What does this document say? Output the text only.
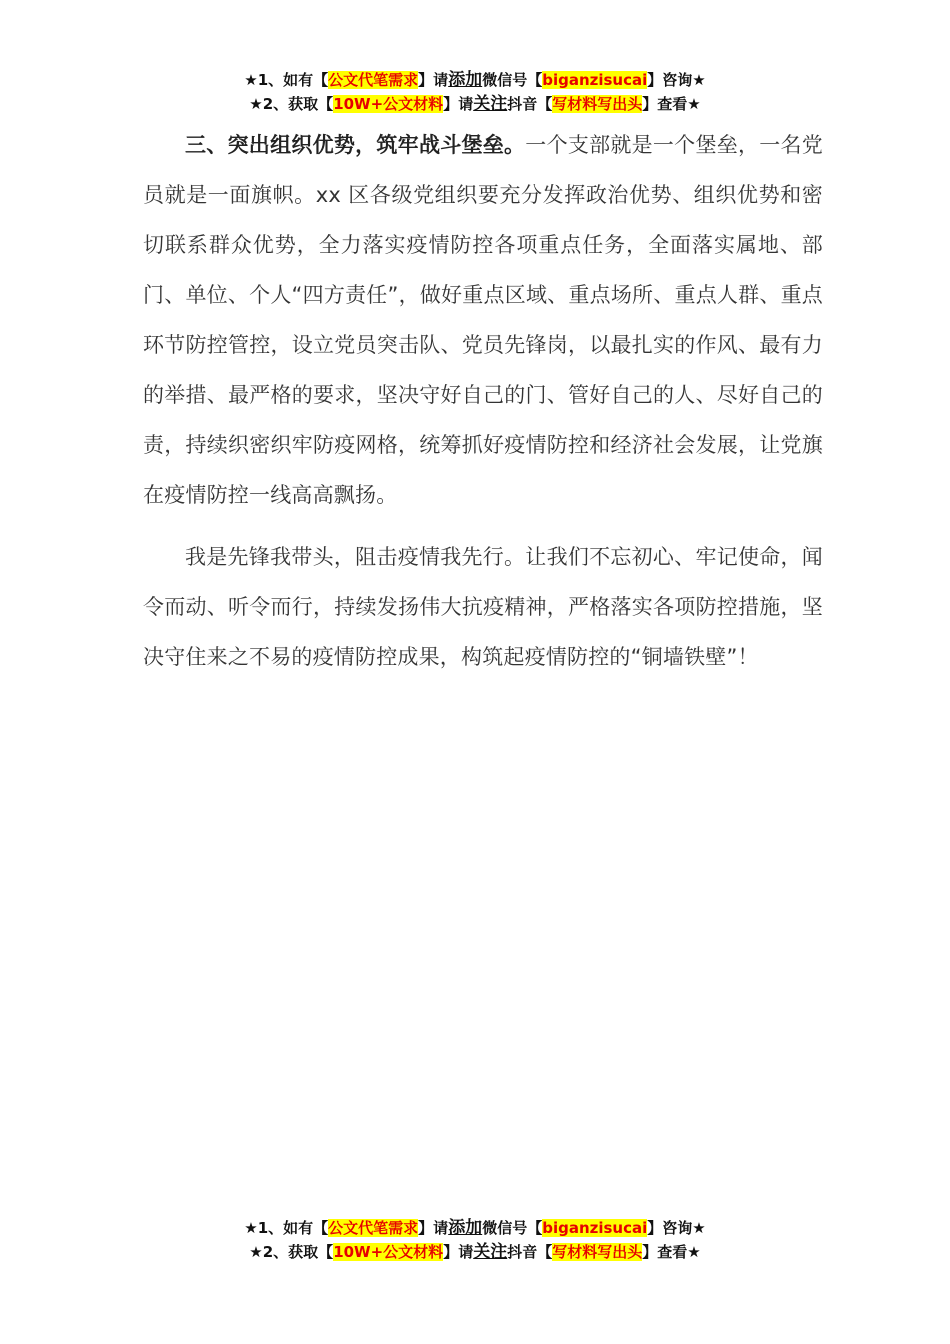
★1、如有【公文代笔需求】请添加微信号【biganzisucai】咨询★
★2、获取【10W+公文材料】请关注抖音【写材料写出头】查看★

三、突出组织优势，筑牢战斗堡垒。一个支部就是一个堡垒，一名党员就是一面旗帜。xx 区各级党组织要充分发挥政治优势、组织优势和密切联系群众优势，全力落实疫情防控各项重点任务，全面落实属地、部门、单位、个人“四方责任”，做好重点区域、重点场所、重点人群、重点环节防控管控，设立党员突击队、党员先锋岗，以最扎实的作风、最有力的举措、最严格的要求，坚决守好自己的门、管好自己的人、尽好自己的责，持续织密织牢防疫网格，统筹抓好疫情防控和经济社会发展，让党旗在疫情防控一线高高飘扬。

我是先锋我带头，阻击疫情我先行。让我们不忘初心、牢记使命，闻令而动、听令而行，持续发扬伟大抗疫精神，严格落实各项防控措施，坚决守住来之不易的疫情防控成果，构筑起疫情防控的“铜墙铁壁”！

★1、如有【公文代笔需求】请添加微信号【biganzisucai】咨询★
★2、获取【10W+公文材料】请关注抖音【写材料写出头】查看★
